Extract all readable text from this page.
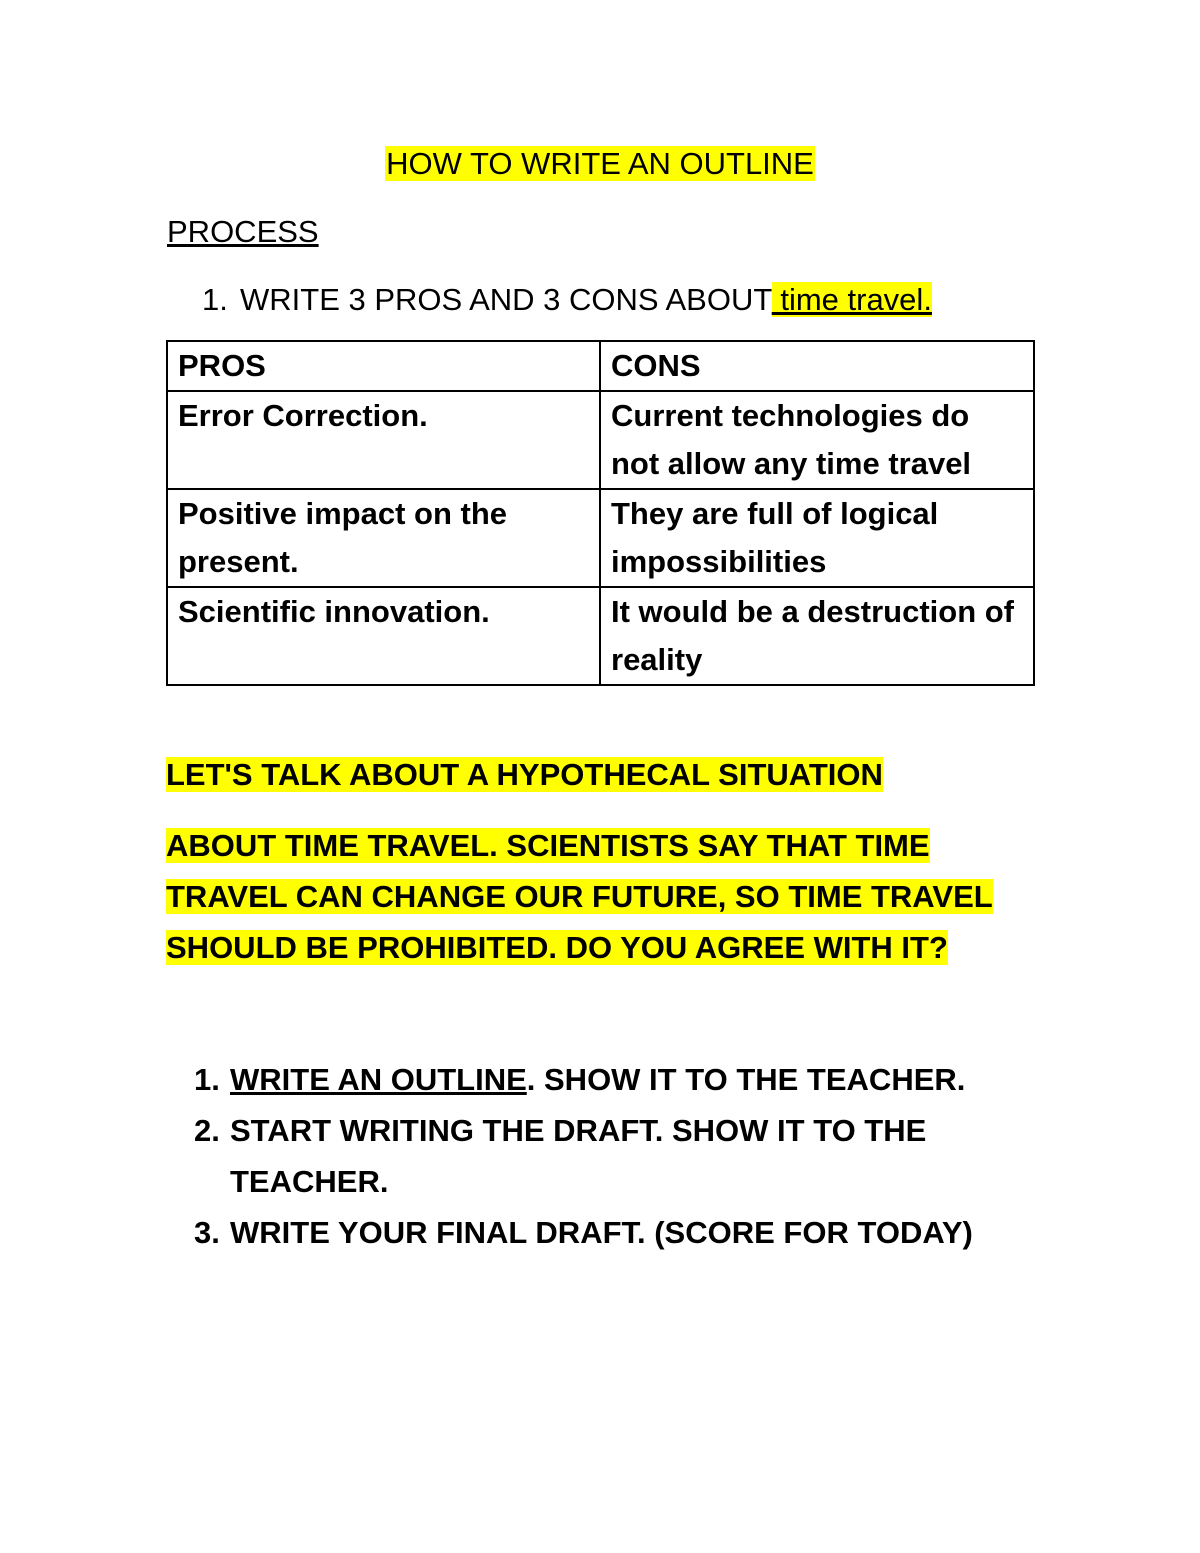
HOW TO WRITE AN OUTLINE

PROCESS

1. WRITE 3 PROS AND 3 CONS ABOUT time travel.

PROS	CONS
Error Correction.	Current technologies do not allow any time travel
Positive impact on the present.	They are full of logical impossibilities
Scientific innovation.	It would be a destruction of reality

LET'S TALK ABOUT A HYPOTHECAL SITUATION

ABOUT TIME TRAVEL. SCIENTISTS SAY THAT TIME
TRAVEL CAN CHANGE OUR FUTURE, SO TIME TRAVEL
SHOULD BE PROHIBITED. DO YOU AGREE WITH IT?

1. WRITE AN OUTLINE. SHOW IT TO THE TEACHER.
2. START WRITING THE DRAFT. SHOW IT TO THE TEACHER.
3. WRITE YOUR FINAL DRAFT. (SCORE FOR TODAY)
